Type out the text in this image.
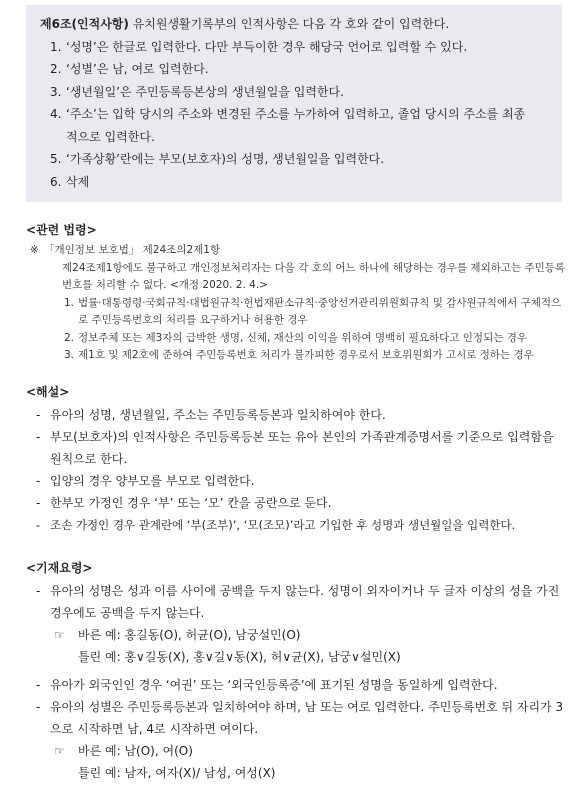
제6조(인적사항) 유치원생활기록부의 인적사항은 다음 각 호와 같이 입력한다.
1. ‘성명’은 한글로 입력한다. 다만 부득이한 경우 해당국 언어로 입력할 수 있다.
2. ‘성별’은 남, 여로 입력한다.
3. ‘생년월일’은 주민등록등본상의 생년월일을 입력한다.
4. ‘주소’는 입학 당시의 주소와 변경된 주소를 누가하여 입력하고, 졸업 당시의 주소를 최종적으로 입력한다.
5. ‘가족상황’란에는 부모(보호자)의 성명, 생년월일을 입력한다.
6. 삭제
<관련 법령>
※ 「개인정보 보호법」 제24조의2제1항
제24조제1항에도 불구하고 개인정보처리자는 다음 각 호의 어느 하나에 해당하는 경우를 제외하고는 주민등록번호를 처리할 수 없다. <개정 2020. 2. 4.>
1. 법률·대통령령·국회규칙·대법원규칙·헌법재판소규칙·중앙선거관리위원회규칙 및 감사원규칙에서 구체적으로 주민등록번호의 처리를 요구하거나 허용한 경우
2. 정보주체 또는 제3자의 급박한 생명, 신체, 재산의 이익을 위하여 명백히 필요하다고 인정되는 경우
3. 제1호 및 제2호에 준하여 주민등록번호 처리가 불가피한 경우로서 보호위원회가 고시로 정하는 경우
<해설>
- 유아의 성명, 생년월일, 주소는 주민등록등본과 일치하여야 한다.
- 부모(보호자)의 인적사항은 주민등록등본 또는 유아 본인의 가족관계증명서를 기준으로 입력함을 원칙으로 한다.
- 입양의 경우 양부모를 부모로 입력한다.
- 한부모 가정인 경우 ‘부’ 또는 ‘모’ 칸을 공란으로 둔다.
- 조손 가정인 경우 관계란에 ‘부(조부)’, ‘모(조모)’라고 기입한 후 성명과 생년월일을 입력한다.
<기재요령>
- 유아의 성명은 성과 이름 사이에 공백을 두지 않는다. 성명이 외자이거나 두 글자 이상의 성을 가진 경우에도 공백을 두지 않는다.
☞ 바른 예: 홍길동(O), 허균(O), 남궁설민(O)
틀린 예: 홍∨길동(X), 홍∨길∨동(X), 허∨균(X), 남궁∨설민(X)
- 유아가 외국인인 경우 ‘여권’ 또는 ‘외국인등록증’에 표기된 성명을 동일하게 입력한다.
- 유아의 성별은 주민등록등본과 일치하여야 하며, 남 또는 여로 입력한다. 주민등록번호 뒤 자리가 3으로 시작하면 남, 4로 시작하면 여이다.
☞ 바른 예: 남(O), 여(O)
틀린 예: 남자, 여자(X)/ 남성, 여성(X)
